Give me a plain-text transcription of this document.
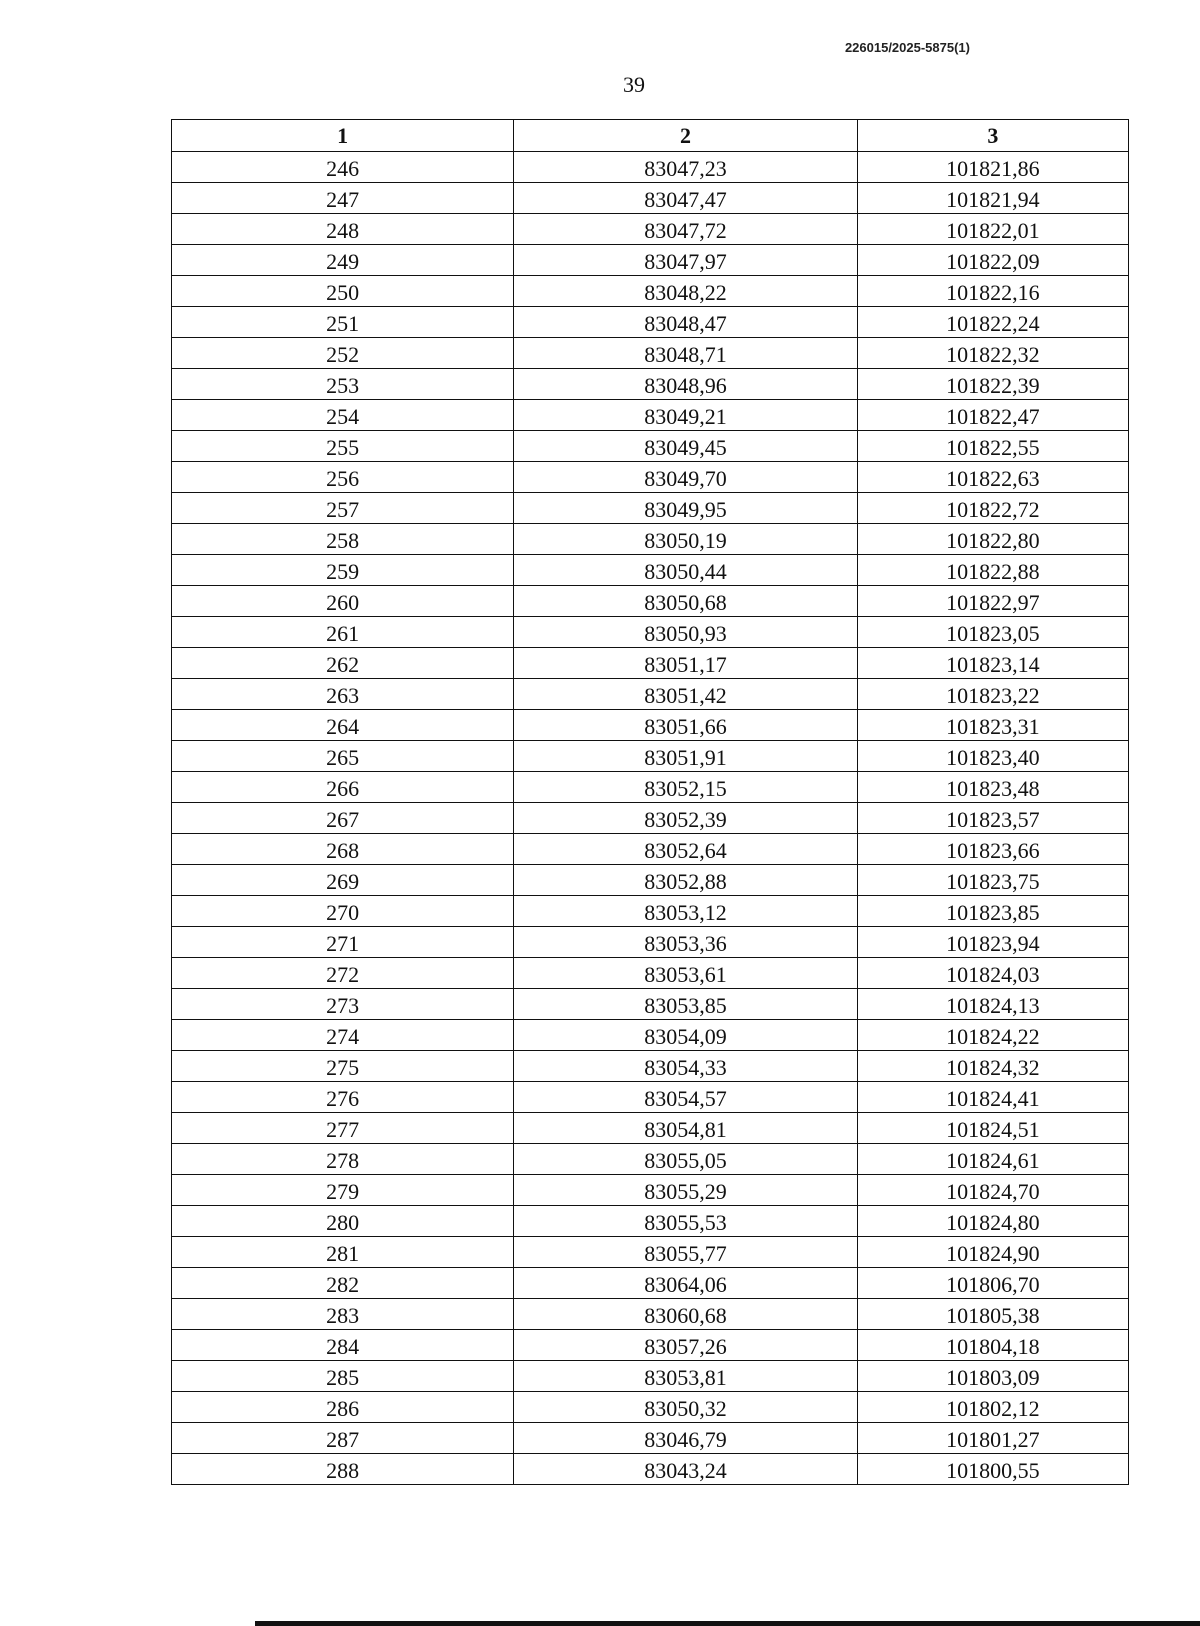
226015/2025-5875(1)
39
1	2	3
246	83047,23	101821,86
247	83047,47	101821,94
248	83047,72	101822,01
249	83047,97	101822,09
250	83048,22	101822,16
251	83048,47	101822,24
252	83048,71	101822,32
253	83048,96	101822,39
254	83049,21	101822,47
255	83049,45	101822,55
256	83049,70	101822,63
257	83049,95	101822,72
258	83050,19	101822,80
259	83050,44	101822,88
260	83050,68	101822,97
261	83050,93	101823,05
262	83051,17	101823,14
263	83051,42	101823,22
264	83051,66	101823,31
265	83051,91	101823,40
266	83052,15	101823,48
267	83052,39	101823,57
268	83052,64	101823,66
269	83052,88	101823,75
270	83053,12	101823,85
271	83053,36	101823,94
272	83053,61	101824,03
273	83053,85	101824,13
274	83054,09	101824,22
275	83054,33	101824,32
276	83054,57	101824,41
277	83054,81	101824,51
278	83055,05	101824,61
279	83055,29	101824,70
280	83055,53	101824,80
281	83055,77	101824,90
282	83064,06	101806,70
283	83060,68	101805,38
284	83057,26	101804,18
285	83053,81	101803,09
286	83050,32	101802,12
287	83046,79	101801,27
288	83043,24	101800,55
